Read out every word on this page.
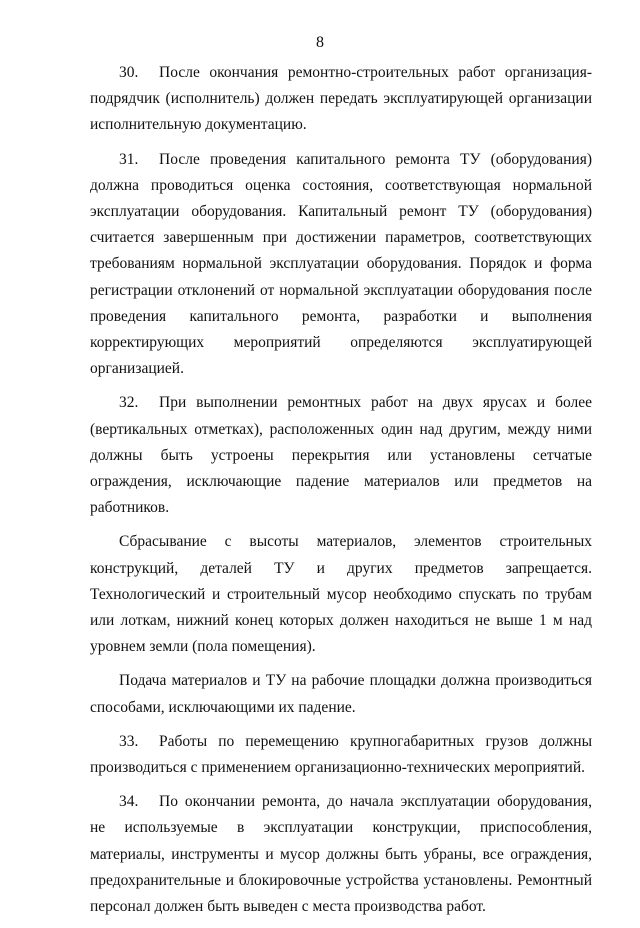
8

30. После окончания ремонтно-строительных работ организация-подрядчик (исполнитель) должен передать эксплуатирующей организации исполнительную документацию.

31. После проведения капитального ремонта ТУ (оборудования) должна проводиться оценка состояния, соответствующая нормальной эксплуатации оборудования. Капитальный ремонт ТУ (оборудования) считается завершенным при достижении параметров, соответствующих требованиям нормальной эксплуатации оборудования. Порядок и форма регистрации отклонений от нормальной эксплуатации оборудования после проведения капитального ремонта, разработки и выполнения корректирующих мероприятий определяются эксплуатирующей организацией.

32. При выполнении ремонтных работ на двух ярусах и более (вертикальных отметках), расположенных один над другим, между ними должны быть устроены перекрытия или установлены сетчатые ограждения, исключающие падение материалов или предметов на работников.

Сбрасывание с высоты материалов, элементов строительных конструкций, деталей ТУ и других предметов запрещается. Технологический и строительный мусор необходимо спускать по трубам или лоткам, нижний конец которых должен находиться не выше 1 м над уровнем земли (пола помещения).

Подача материалов и ТУ на рабочие площадки должна производиться способами, исключающими их падение.

33. Работы по перемещению крупногабаритных грузов должны производиться с применением организационно-технических мероприятий.

34. По окончании ремонта, до начала эксплуатации оборудования, не используемые в эксплуатации конструкции, приспособления, материалы, инструменты и мусор должны быть убраны, все ограждения, предохранительные и блокировочные устройства установлены. Ремонтный персонал должен быть выведен с места производства работ.
